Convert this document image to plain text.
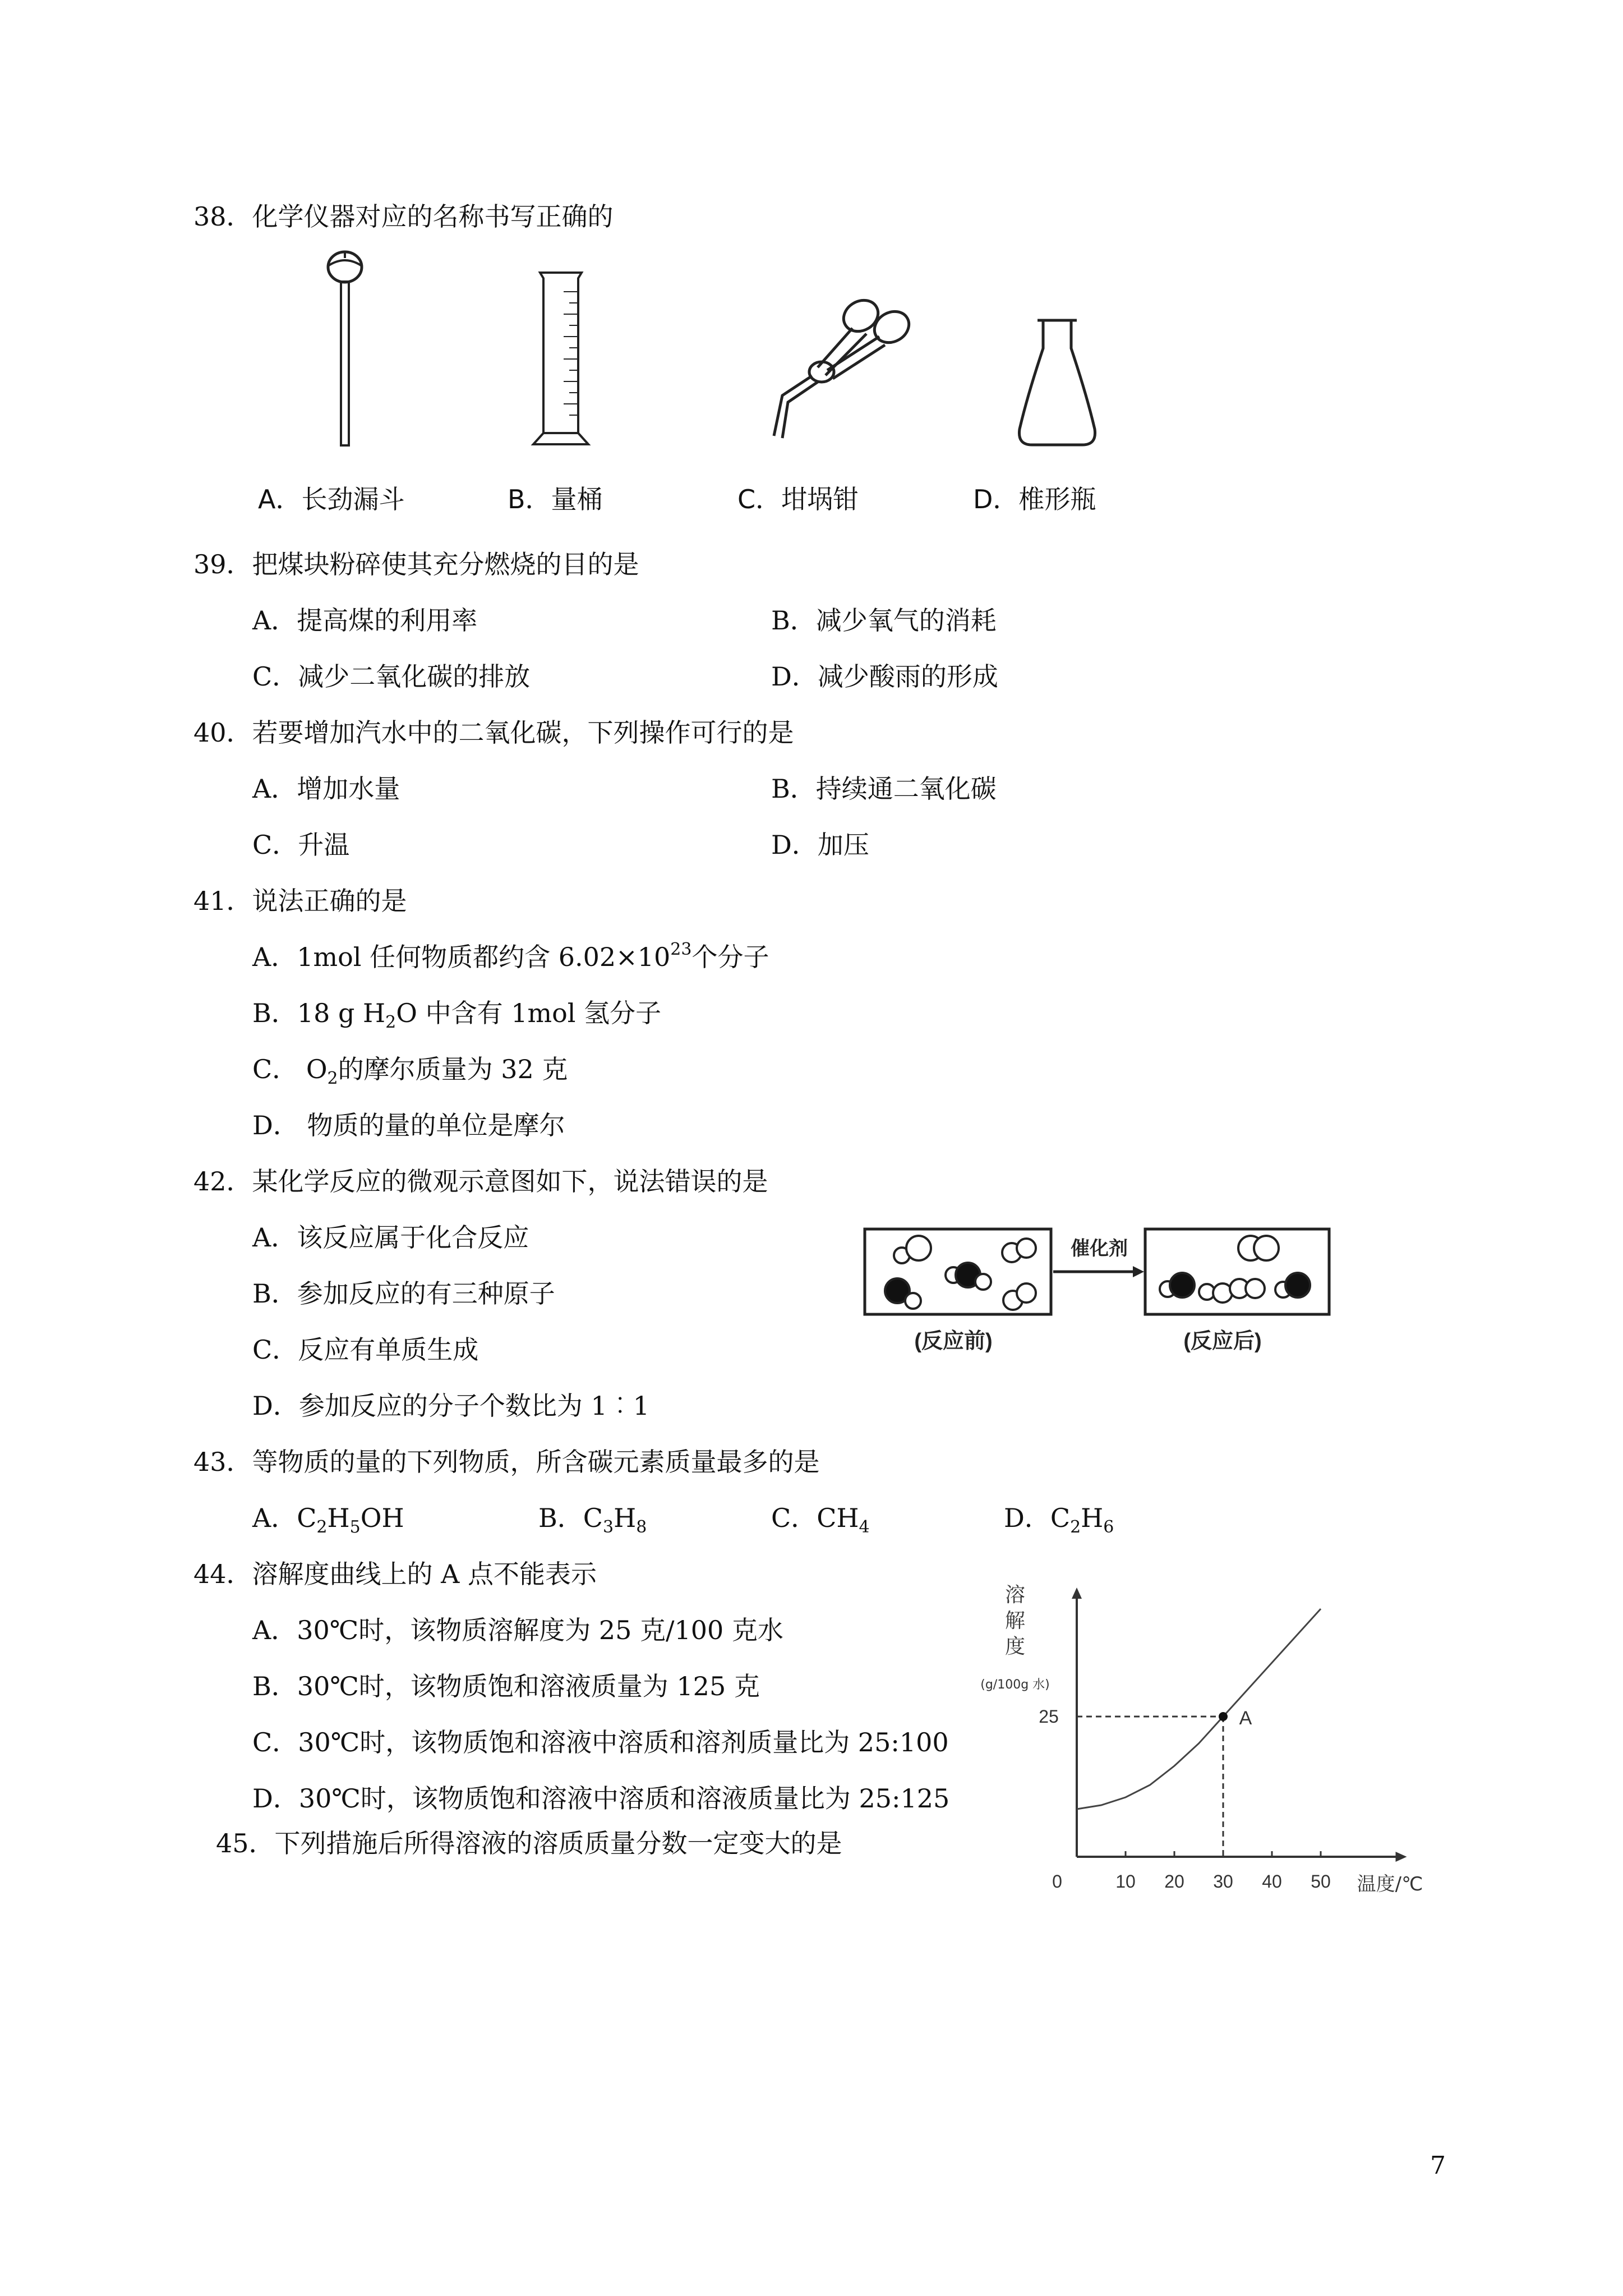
38．化学仪器对应的名称书写正确的
A．长劲漏斗	B．量桶	C．坩埚钳	D．椎形瓶
39．把煤块粉碎使其充分燃烧的目的是
A．提高煤的利用率	B．减少氧气的消耗
C．减少二氧化碳的排放	D．减少酸雨的形成
40．若要增加汽水中的二氧化碳，下列操作可行的是
A．增加水量	B．持续通二氧化碳
C．升温	D．加压
41．说法正确的是
A．1mol 任何物质都约含 $6.02\times 10^{23}$个分子
B．18 g $H_2O$ 中含有 1mol 氢分子
C． $O_2$的摩尔质量为 32 克
D． 物质的量的单位是摩尔
42．某化学反应的微观示意图如下，说法错误的是
A．该反应属于化合反应
B．参加反应的有三种原子
C．反应有单质生成
D．参加反应的分子个数比为 1︰1
催化剂
(反应前)	(反应后)
43．等物质的量的下列物质，所含碳元素质量最多的是
A．$C_2H_5OH$	B．$C_3H_8$	C．$CH_4$	D．$C_2H_6$
44．溶解度曲线上的 A 点不能表示
A．30℃时，该物质溶解度为 25 克/100 克水
B．30℃时，该物质饱和溶液质量为 125 克
C．30℃时，该物质饱和溶液中溶质和溶剂质量比为 25:100
D．30℃时，该物质饱和溶液中溶质和溶液质量比为 25:125
45．下列措施后所得溶液的溶质质量分数一定变大的是
0	10 20 30 40 50
25
溶
解
度
(g/100g 水)
温度/℃
A
7
